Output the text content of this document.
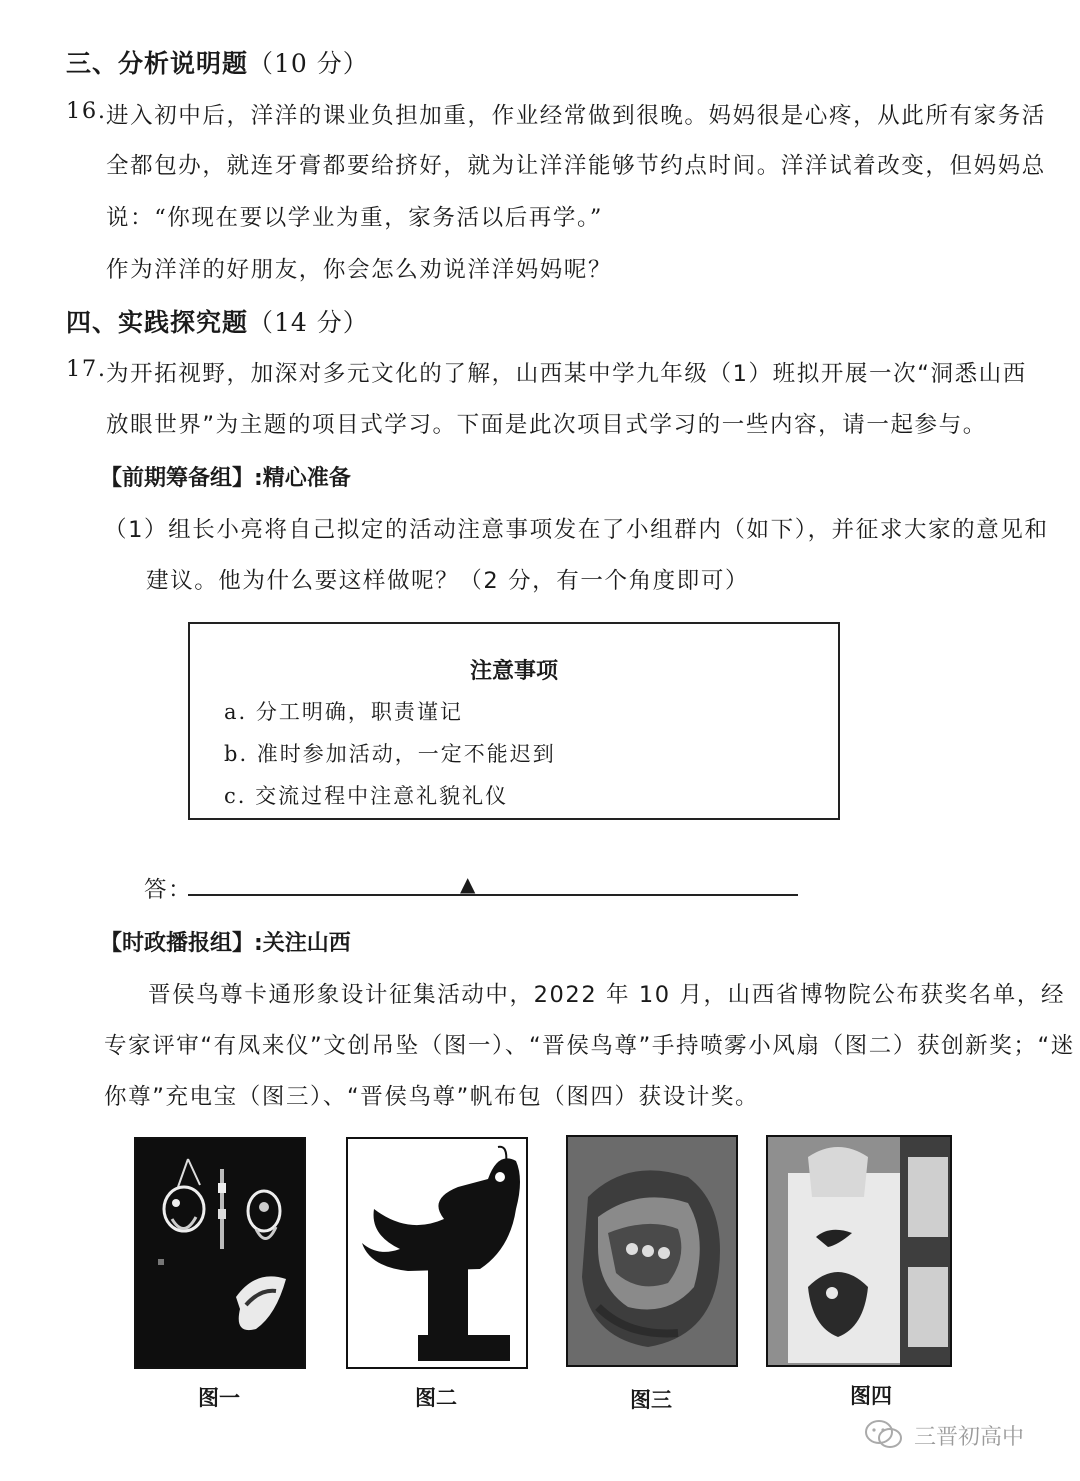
三、分析说明题（10 分）
16. 进入初中后，洋洋的课业负担加重，作业经常做到很晚。妈妈很是心疼，从此所有家务活
全都包办，就连牙膏都要给挤好，就为让洋洋能够节约点时间。洋洋试着改变，但妈妈总
说：“你现在要以学业为重，家务活以后再学。”
作为洋洋的好朋友，你会怎么劝说洋洋妈妈呢？
四、实践探究题（14 分）
17. 为开拓视野，加深对多元文化的了解，山西某中学九年级（1）班拟开展一次“洞悉山西
放眼世界”为主题的项目式学习。下面是此次项目式学习的一些内容，请一起参与。
【前期筹备组】:精心准备
（1）组长小亮将自己拟定的活动注意事项发在了小组群内（如下），并征求大家的意见和
建议。他为什么要这样做呢？（2 分，有一个角度即可）
注意事项
a. 分工明确，职责谨记
b. 准时参加活动，一定不能迟到
c. 交流过程中注意礼貌礼仪
答：	▲
【时政播报组】:关注山西
晋侯鸟尊卡通形象设计征集活动中，2022 年 10 月，山西省博物院公布获奖名单，经
专家评审“有凤来仪”文创吊坠（图一）、“晋侯鸟尊”手持喷雾小风扇（图二）获创新奖；“迷
你尊”充电宝（图三）、“晋侯鸟尊”帆布包（图四）获设计奖。
图一	图二	图三	图四
三晋初高中
